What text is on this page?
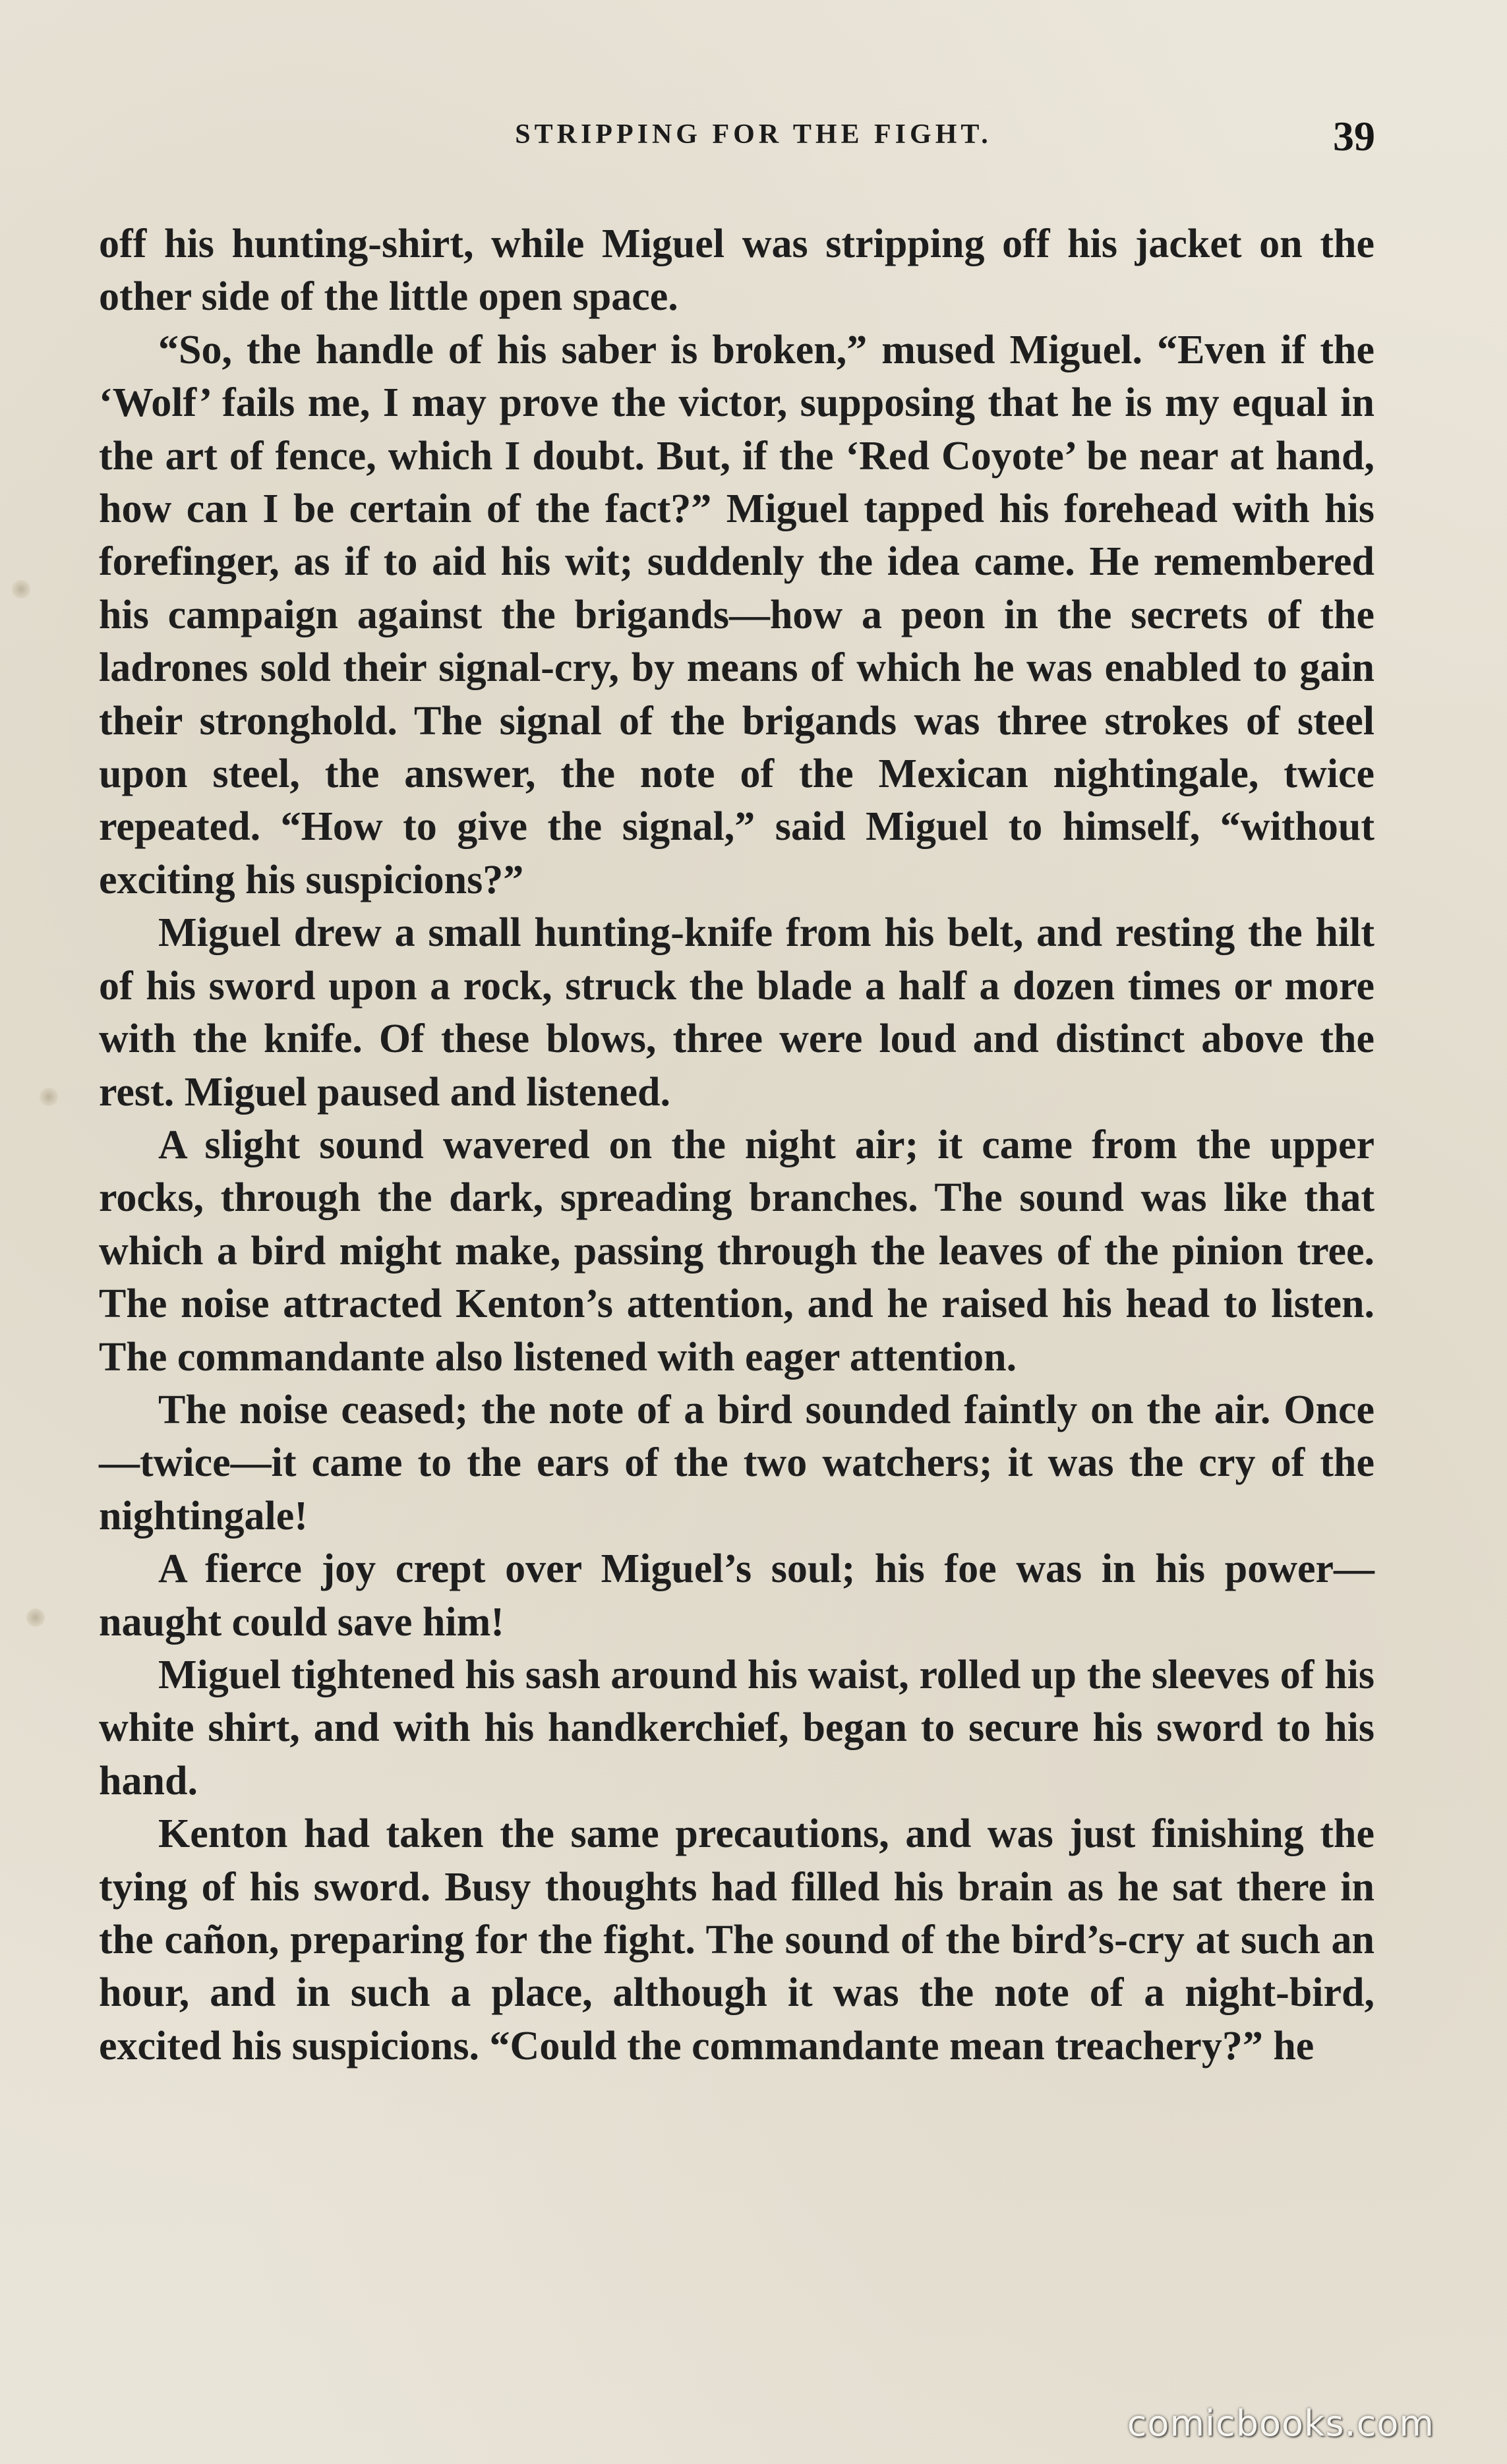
STRIPPING FOR THE FIGHT.	39

off his hunting-shirt, while Miguel was stripping off his jacket on the other side of the little open space.

“So, the handle of his saber is broken,” mused Miguel. “Even if the ‘Wolf’ fails me, I may prove the victor, supposing that he is my equal in the art of fence, which I doubt. But, if the ‘Red Coyote’ be near at hand, how can I be certain of the fact?” Miguel tapped his forehead with his forefinger, as if to aid his wit; suddenly the idea came. He remembered his campaign against the brigands—how a peon in the secrets of the ladrones sold their signal-cry, by means of which he was enabled to gain their stronghold. The signal of the brigands was three strokes of steel upon steel, the answer, the note of the Mexican nightingale, twice repeated. “How to give the signal,” said Miguel to himself, “without exciting his suspicions?”

Miguel drew a small hunting-knife from his belt, and resting the hilt of his sword upon a rock, struck the blade a half a dozen times or more with the knife. Of these blows, three were loud and distinct above the rest. Miguel paused and listened.

A slight sound wavered on the night air; it came from the upper rocks, through the dark, spreading branches. The sound was like that which a bird might make, passing through the leaves of the pinion tree. The noise attracted Kenton’s attention, and he raised his head to listen. The commandante also listened with eager attention.

The noise ceased; the note of a bird sounded faintly on the air. Once—twice—it came to the ears of the two watchers; it was the cry of the nightingale!

A fierce joy crept over Miguel’s soul; his foe was in his power—naught could save him!

Miguel tightened his sash around his waist, rolled up the sleeves of his white shirt, and with his handkerchief, began to secure his sword to his hand.

Kenton had taken the same precautions, and was just finishing the tying of his sword. Busy thoughts had filled his brain as he sat there in the cañon, preparing for the fight. The sound of the bird’s-cry at such an hour, and in such a place, although it was the note of a night-bird, excited his suspicions. “Could the commandante mean treachery?” he

comicbooks.com
